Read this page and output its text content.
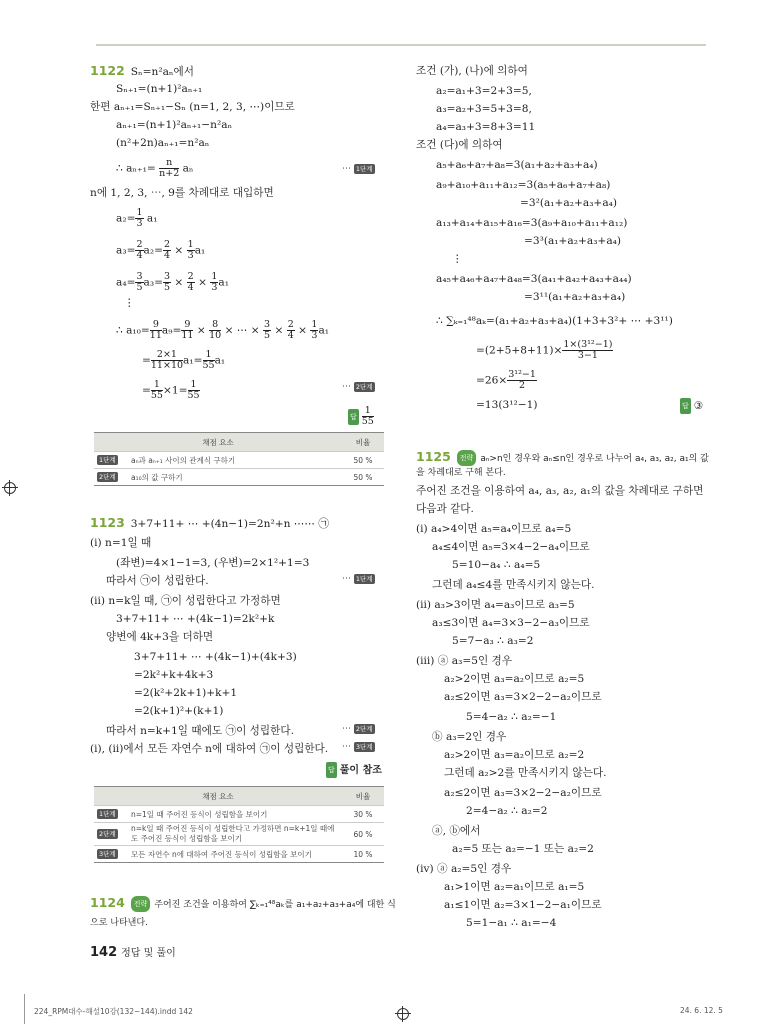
1122 Sₙ=n²aₙ에서
Sₙ₊₁=(n+1)²aₙ₊₁
한편 aₙ₊₁=Sₙ₊₁−Sₙ (n=1, 2, 3, ⋯)이므로
aₙ₊₁=(n+1)²aₙ₊₁−n²aₙ
(n²+2n)aₙ₊₁=n²aₙ
∴ $a_{n+1}= \frac{n}{n+2}$ aₙ	⋯ 1단계
n에 1, 2, 3, ⋯, 9를 차례대로 대입하면
$a_2= \frac{1}{3} a_1$
$a_3= \frac{2}{4} a_2= \frac{2}{4} \times \frac{1}{3} a_1$
$a_4= \frac{3}{5} a_3= \frac{3}{5} \times \frac{2}{4} \times \frac{1}{3} a_1$
⋮
∴ $a_{10}= \frac{9}{11} a_9= \frac{9}{11} \times \frac{8}{10}$ × ⋯ × $\frac{3}{5} \times \frac{2}{4} \times \frac{1}{3} a_1$
= $\frac{2\times 1}{11\times 10} a_1= \frac{1}{55} a_1$
= $\frac{1}{55} \times 1= \frac{1}{55}$	⋯ 2단계
답 $\frac{1}{55}$
채점 요소		비율
1단계	aₙ과 aₙ₊₁ 사이의 관계식 구하기	50 %
2단계	a₁₀의 값 구하기	50 %
1123 3+7+11+ ⋯ +(4n−1)=2n²+n ⋯⋯ ㉠
(i) n=1일 때
(좌변)=4×1−1=3, (우변)=2×1²+1=3
따라서 ㉠이 성립한다.	⋯ 1단계
(ii) n=k일 때, ㉠이 성립한다고 가정하면
3+7+11+ ⋯ +(4k−1)=2k²+k
양변에 4k+3을 더하면
3+7+11+ ⋯ +(4k−1)+(4k+3)
=2k²+k+4k+3
=2(k²+2k+1)+k+1
=2(k+1)²+(k+1)
따라서 n=k+1일 때에도 ㉠이 성립한다.	⋯ 2단계
(i), (ii)에서 모든 자연수 n에 대하여 ㉠이 성립한다. ⋯ 3단계
답 풀이 참조
채점 요소		비율
1단계	n=1일 때 주어진 등식이 성립함을 보이기	30 %
2단계	n=k일 때 주어진 등식이 성립한다고 가정하면 n=k+1일 때에도 주어진 등식이 성립함을 보이기	60 %
3단계	모든 자연수 n에 대하여 주어진 등식이 성립함을 보이기	10 %
1124 전략 주어진 조건을 이용하여 ∑ₖ₌₁⁴⁸aₖ를 a₁+a₂+a₃+a₄에 대한 식
으로 나타낸다.
142 정답 및 풀이
224_RPM대수-해설10강(132~144).indd 142	24. 6. 12. 5
조건 (가), (나)에 의하여
a₂=a₁+3=2+3=5,
a₃=a₂+3=5+3=8,
a₄=a₃+3=8+3=11
조건 (다)에 의하여
a₅+a₆+a₇+a₈=3(a₁+a₂+a₃+a₄)
a₉+a₁₀+a₁₁+a₁₂=3(a₅+a₆+a₇+a₈)
=3²(a₁+a₂+a₃+a₄)
a₁₃+a₁₄+a₁₅+a₁₆=3(a₉+a₁₀+a₁₁+a₁₂)
=3³(a₁+a₂+a₃+a₄)
⋮
a₄₅+a₄₆+a₄₇+a₄₈=3(a₄₁+a₄₂+a₄₃+a₄₄)
=3¹¹(a₁+a₂+a₃+a₄)
∴ ∑ₖ₌₁⁴⁸aₖ=(a₁+a₂+a₃+a₄)(1+3+3²+ ⋯ +3¹¹)
$=(2+5+8+11)\times \frac{\text{1×(3¹²−1)}}{3-1}$
$=26\times \frac{\text{3¹²−1}}{2}$
=13(3¹²−1)	답 ③
1125 전략 aₙ>n인 경우와 aₙ≤n인 경우로 나누어 a₄, a₃, a₂, a₁의 값
을 차례대로 구해 본다.
주어진 조건을 이용하여 a₄, a₃, a₂, a₁의 값을 차례대로 구하면
다음과 같다.
(i) a₄>4이면 a₅=a₄이므로 a₄=5
a₄≤4이면 a₅=3×4−2−a₄이므로
5=10−a₄ ∴ a₄=5
그런데 a₄≤4를 만족시키지 않는다.
(ii) a₃>3이면 a₄=a₃이므로 a₃=5
a₃≤3이면 a₄=3×3−2−a₃이므로
5=7−a₃ ∴ a₃=2
(iii) ⓐ a₃=5인 경우
a₂>2이면 a₃=a₂이므로 a₂=5
a₂≤2이면 a₃=3×2−2−a₂이므로
5=4−a₂ ∴ a₂=−1
ⓑ a₃=2인 경우
a₂>2이면 a₃=a₂이므로 a₂=2
그런데 a₂>2를 만족시키지 않는다.
a₂≤2이면 a₃=3×2−2−a₂이므로
2=4−a₂ ∴ a₂=2
ⓐ, ⓑ에서
a₂=5 또는 a₂=−1 또는 a₂=2
(iv) ⓐ a₂=5인 경우
a₁>1이면 a₂=a₁이므로 a₁=5
a₁≤1이면 a₂=3×1−2−a₁이므로
5=1−a₁ ∴ a₁=−4
